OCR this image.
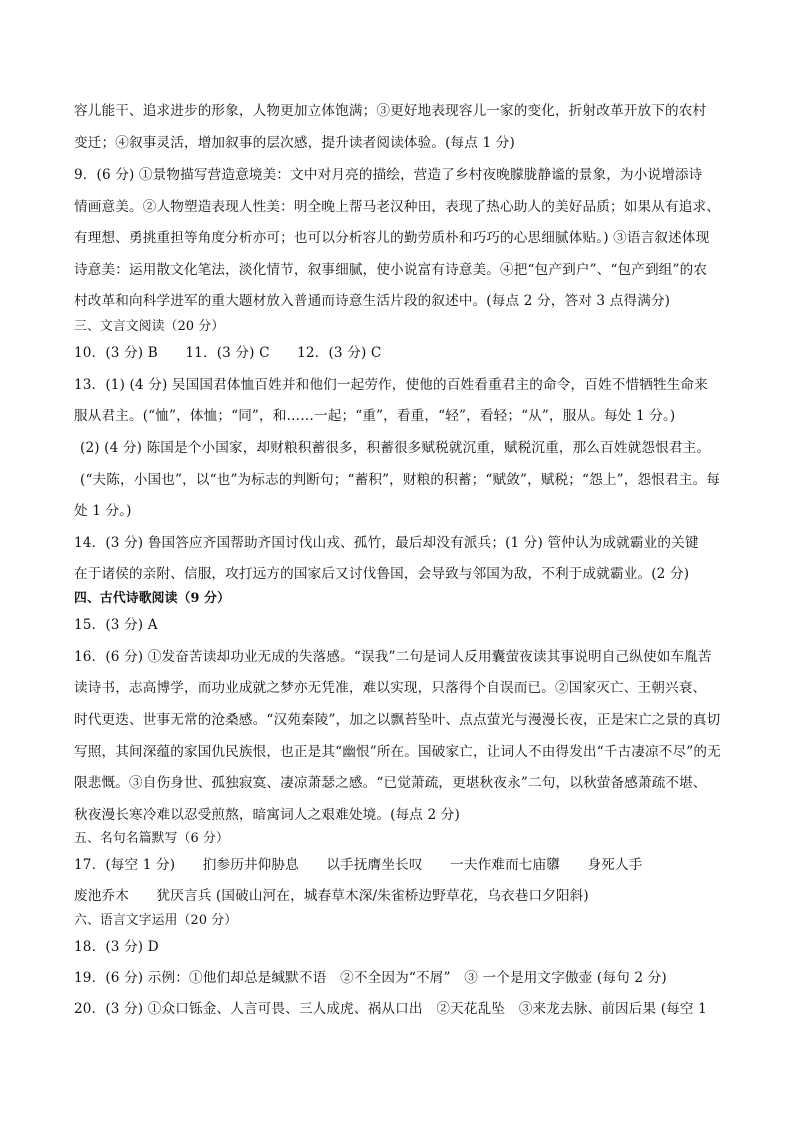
容儿能干、追求进步的形象，人物更加立体饱满；③更好地表现容儿一家的变化，折射改革开放下的农村
变迁；④叙事灵活，增加叙事的层次感，提升读者阅读体验。(每点 1 分)
9．(6 分) ①景物描写营造意境美：文中对月亮的描绘，营造了乡村夜晚朦胧静谧的景象，为小说增添诗
情画意美。②人物塑造表现人性美：明全晚上帮马老汉种田，表现了热心助人的美好品质；如果从有追求、
有理想、勇挑重担等角度分析亦可；也可以分析容儿的勤劳质朴和巧巧的心思细腻体贴。) ③语言叙述体现
诗意美：运用散文化笔法，淡化情节，叙事细腻，使小说富有诗意美。④把“包产到户”、“包产到组”的农
村改革和向科学进军的重大题材放入普通而诗意生活片段的叙述中。(每点 2 分，答对 3 点得满分)
三、文言文阅读（20 分）
10．(3 分) B　　11．(3 分) C　　12．(3 分) C
13．(1) (4 分) 吴国国君体恤百姓并和他们一起劳作，使他的百姓看重君主的命令，百姓不惜牺牲生命来
服从君主。(“恤”，体恤；“同”，和……一起；“重”，看重，“轻”，看轻；“从”，服从。每处 1 分。)
(2) (4 分) 陈国是个小国家，却财粮积蓄很多，积蓄很多赋税就沉重，赋税沉重，那么百姓就怨恨君主。
(“夫陈，小国也”，以“也”为标志的判断句；“蓄积”，财粮的积蓄；“赋敛”，赋税；“怨上”，怨恨君主。每
处 1 分。)
14．(3 分) 鲁国答应齐国帮助齐国讨伐山戎、孤竹，最后却没有派兵；(1 分) 管仲认为成就霸业的关键
在于诸侯的亲附、信服，攻打远方的国家后又讨伐鲁国，会导致与邻国为敌，不利于成就霸业。(2 分)
四、古代诗歌阅读（9 分）
15．(3 分) A
16．(6 分) ①发奋苦读却功业无成的失落感。“误我”二句是词人反用囊萤夜读其事说明自己纵使如车胤苦
读诗书，志高博学，而功业成就之梦亦无凭准，难以实现，只落得个自误而已。②国家灭亡、王朝兴衰、
时代更迭、世事无常的沧桑感。“汉苑秦陵”，加之以飘苔坠叶、点点萤光与漫漫长夜，正是宋亡之景的真切
写照，其间深蕴的家国仇民族恨，也正是其“幽恨”所在。国破家亡，让词人不由得发出“千古凄凉不尽”的无
限悲慨。③自伤身世、孤独寂寞、凄凉萧瑟之感。“已觉萧疏，更堪秋夜永”二句，以秋萤备感萧疏不堪、
秋夜漫长寒冷难以忍受煎熬，暗寓词人之艰难处境。(每点 2 分)
五、名句名篇默写（6 分）
17．(每空 1 分)　　扪参历井仰胁息　　以手抚膺坐长叹　　一夫作难而七庙隳　　身死人手
废池乔木　　犹厌言兵 (国破山河在，城春草木深/朱雀桥边野草花，乌衣巷口夕阳斜)
六、语言文字运用（20 分）
18．(3 分) D
19．(6 分) 示例：①他们却总是缄默不语　②不全因为“不屑”　③ 一个是用文字傲壶 (每句 2 分)
20．(3 分) ①众口铄金、人言可畏、三人成虎、祸从口出　②天花乱坠　③来龙去脉、前因后果 (每空 1
